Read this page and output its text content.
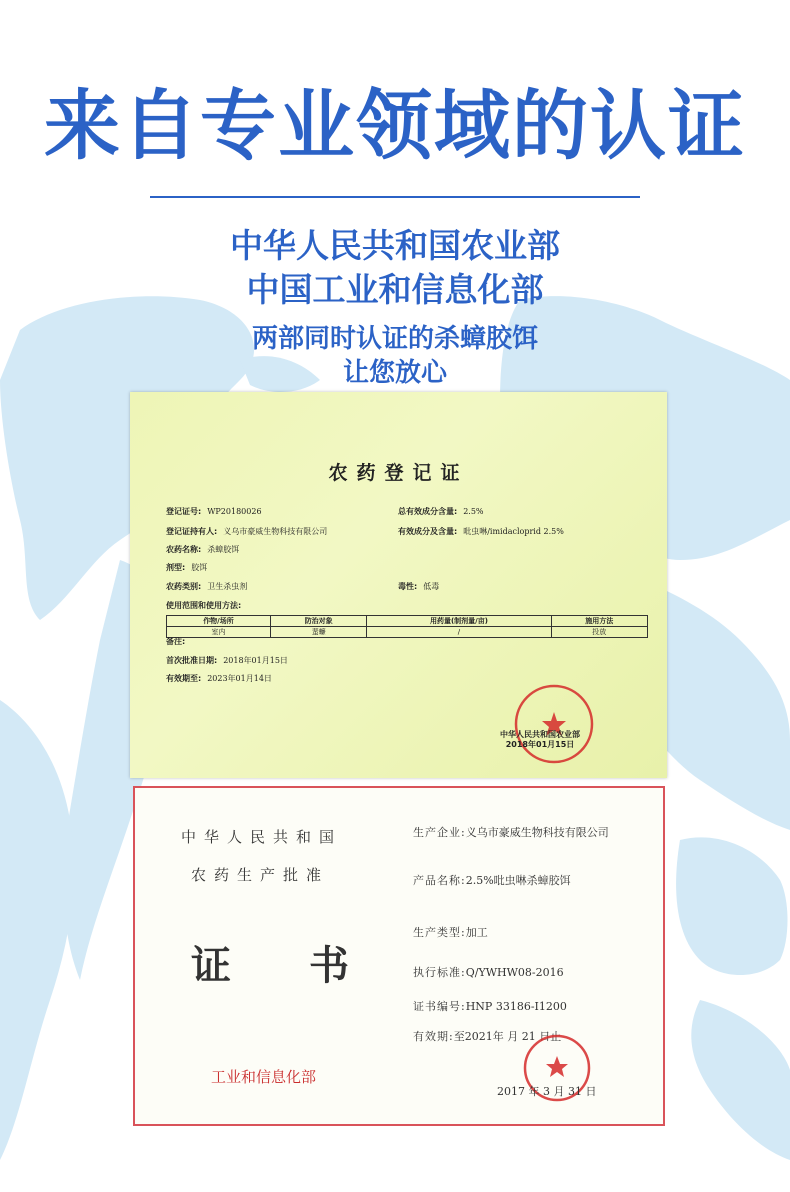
来自专业领域的认证
中华人民共和国农业部
中国工业和信息化部
两部同时认证的杀蟑胶饵
让您放心
农药登记证
登记证号: WP20180026
登记证持有人: 义乌市豪威生物科技有限公司
农药名称: 杀蟑胶饵
剂型: 胶饵
农药类别: 卫生杀虫剂
总有效成分含量: 2.5%
有效成分及含量: 吡虫啉/imidacloprid 2.5%
毒性: 低毒
使用范围和使用方法:
作物/场所	防治对象	用药量(制剂量/亩)	施用方法
室内	蜚蠊	/	投放
备注:
首次批准日期: 2018年01月15日
有效期至: 2023年01月14日
中华人民共和国农业部
2018年01月15日
中华人民共和国
农药生产批准
证 书
工业和信息化部
生产企业:义乌市豪威生物科技有限公司
产品名称:2.5%吡虫啉杀蟑胶饵
生产类型:加工
执行标准:Q/YWHW08-2016
证书编号:HNP 33186-I1200
有效期:至2021年 月 21 日止
2017 年 3 月 31 日
